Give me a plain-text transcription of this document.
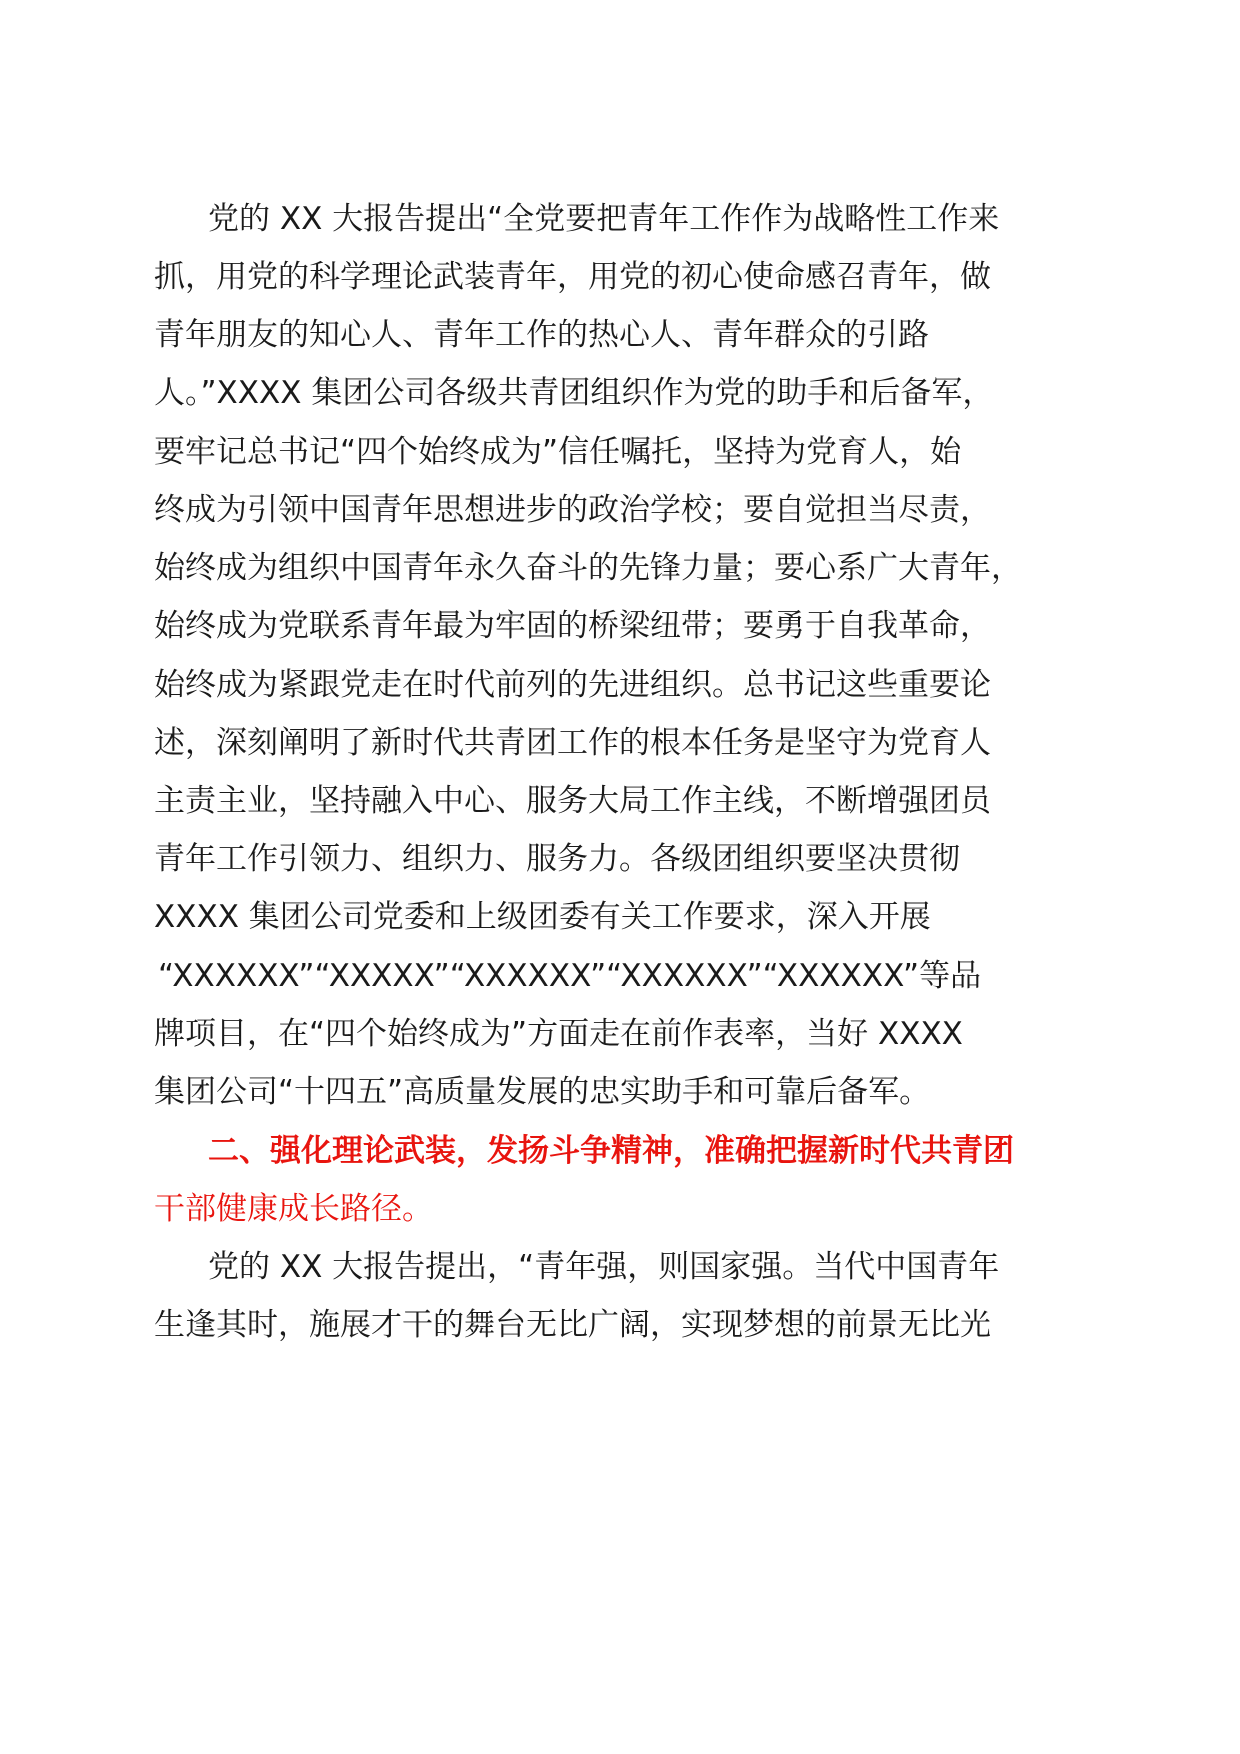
党的 XX 大报告提出“全党要把青年工作作为战略性工作来
抓，用党的科学理论武装青年，用党的初心使命感召青年，做
青年朋友的知心人、青年工作的热心人、青年群众的引路
人。”XXXX 集团公司各级共青团组织作为党的助手和后备军，
要牢记总书记“四个始终成为”信任嘱托，坚持为党育人，始
终成为引领中国青年思想进步的政治学校；要自觉担当尽责，
始终成为组织中国青年永久奋斗的先锋力量；要心系广大青年，
始终成为党联系青年最为牢固的桥梁纽带；要勇于自我革命，
始终成为紧跟党走在时代前列的先进组织。总书记这些重要论
述，深刻阐明了新时代共青团工作的根本任务是坚守为党育人
主责主业，坚持融入中心、服务大局工作主线，不断增强团员
青年工作引领力、组织力、服务力。各级团组织要坚决贯彻
XXXX 集团公司党委和上级团委有关工作要求，深入开展
“XXXXXX”“XXXXX”“XXXXXX”“XXXXXX”“XXXXXX”等品
牌项目，在“四个始终成为”方面走在前作表率，当好 XXXX
集团公司“十四五”高质量发展的忠实助手和可靠后备军。
二、强化理论武装，发扬斗争精神，准确把握新时代共青团
干部健康成长路径。
党的 XX 大报告提出，“青年强，则国家强。当代中国青年
生逢其时，施展才干的舞台无比广阔，实现梦想的前景无比光
